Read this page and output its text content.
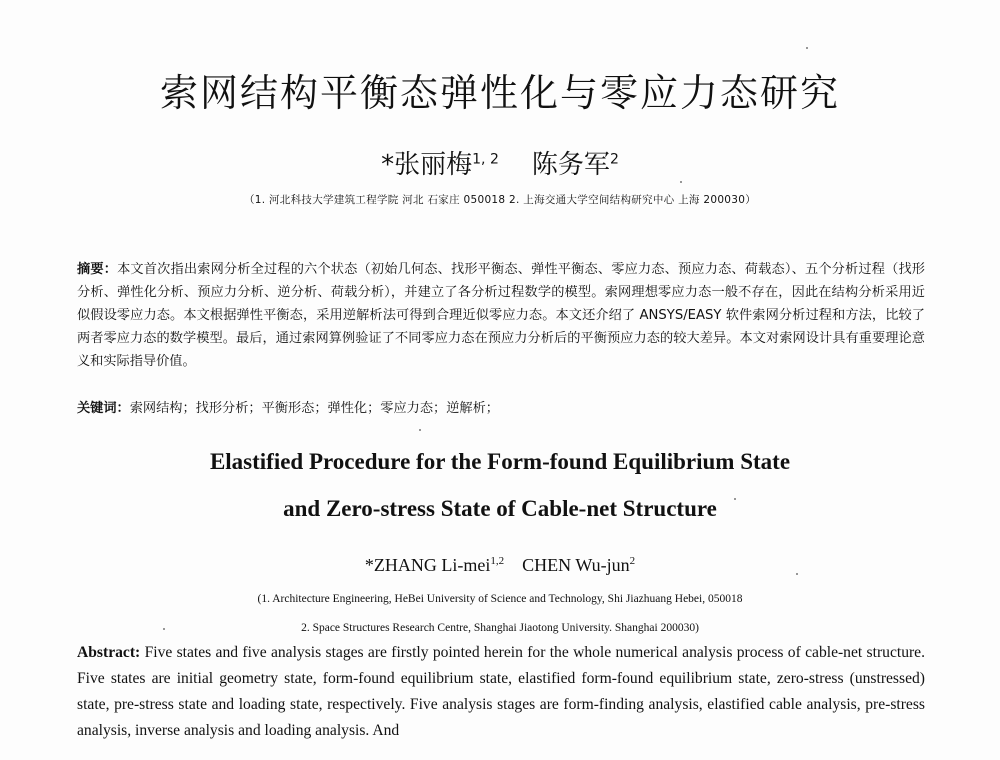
索网结构平衡态弹性化与零应力态研究
*张丽梅$^{1, 2}$ 陈务军$^2$
（1. 河北科技大学建筑工程学院 河北 石家庄 050018 2. 上海交通大学空间结构研究中心 上海 200030）
摘要：本文首次指出索网分析全过程的六个状态（初始几何态、找形平衡态、弹性平衡态、零应力态、预应力态、荷载态）、五个分析过程（找形分析、弹性化分析、预应力分析、逆分析、荷载分析），并建立了各分析过程数学的模型。索网理想零应力态一般不存在，因此在结构分析采用近似假设零应力态。本文根据弹性平衡态，采用逆解析法可得到合理近似零应力态。本文还介绍了 ANSYS/EASY 软件索网分析过程和方法，比较了两者零应力态的数学模型。最后，通过索网算例验证了不同零应力态在预应力分析后的平衡预应力态的较大差异。本文对索网设计具有重要理论意义和实际指导价值。
关键词：索网结构；找形分析；平衡形态；弹性化；零应力态；逆解析；
Elastified Procedure for the Form-found Equilibrium State
and Zero-stress State of Cable-net Structure
*ZHANG Li-mei$^{1,2}$ CHEN Wu-jun$^2$
(1. Architecture Engineering, HeBei University of Science and Technology, Shi Jiazhuang Hebei, 050018
2. Space Structures Research Centre, Shanghai Jiaotong University. Shanghai 200030)
Abstract: Five states and five analysis stages are firstly pointed herein for the whole numerical analysis process of cable-net structure. Five states are initial geometry state, form-found equilibrium state, elastified form-found equilibrium state, zero-stress (unstressed) state, pre-stress state and loading state, respectively. Five analysis stages are form-finding analysis, elastified cable analysis, pre-stress analysis, inverse analysis and loading analysis. And
